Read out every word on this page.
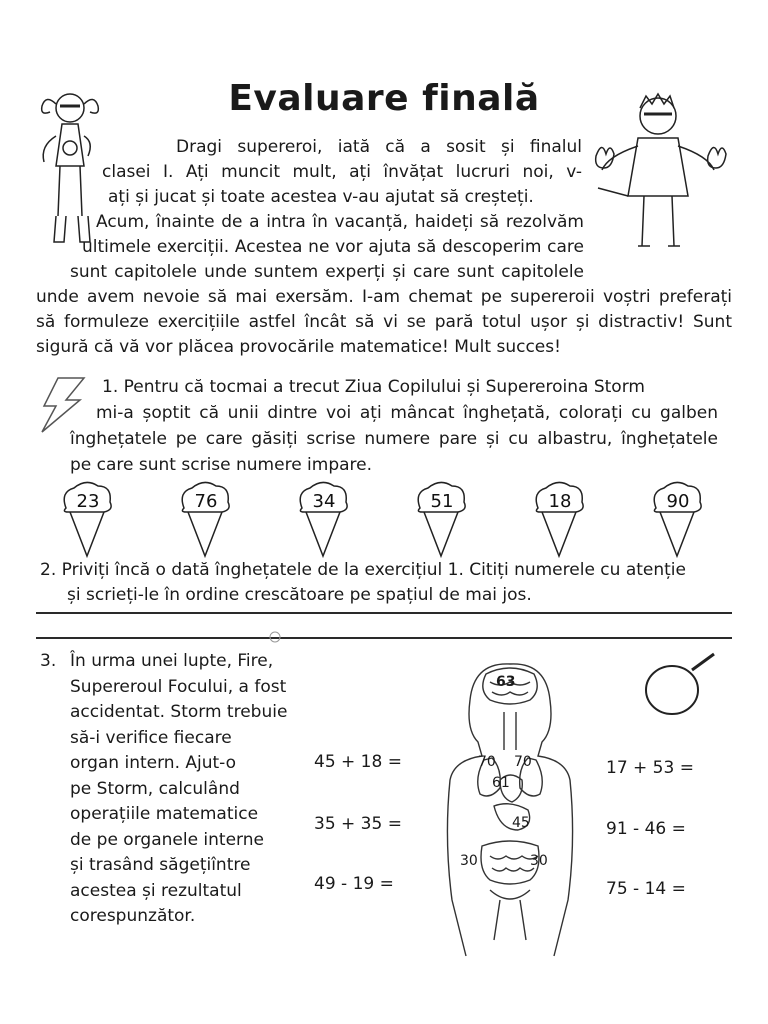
Evaluare finală
Dragi supereroi, iată că a sosit și finalul
clasei I. Ați muncit mult, ați învățat lucruri noi, v-
ați și jucat și toate acestea v-au ajutat să creșteți.
Acum, înainte de a intra în vacanță, haideți să rezolvăm
ultimele exerciții. Acestea ne vor ajuta să descoperim care
sunt capitolele unde suntem experți și care sunt capitolele
unde avem nevoie să mai exersăm. I-am chemat pe supereroii voștri preferați
să formuleze exercițiile astfel încât să vi se pară totul ușor și distractiv! Sunt
sigură că vă vor plăcea provocările matematice! Mult succes!
1. Pentru că tocmai a trecut Ziua Copilului și Supereroina Storm
mi-a șoptit că unii dintre voi ați mâncat înghețată, colorați cu galben
înghețatele pe care găsiți scrise numere pare și cu albastru, înghețatele
pe care sunt scrise numere impare.
23	76	34	51	18	90
2. Priviți încă o dată înghețatele de la exercițiul 1. Citiți numerele cu atenție
și scrieți-le în ordine crescătoare pe spațiul de mai jos.
3. În urma unei lupte, Fire,
Supereroul Focului, a fost
accidentat. Storm trebuie
să-i verifice fiecare
organ intern. Ajut-o
pe Storm, calculând
operațiile matematice
de pe organele interne
și trasând săgețiîntre
acestea și rezultatul
corespunzător.
63
70 70
61
45
30	30
45 + 18 =
35 + 35 =
49 - 19 =
17 + 53 =
91 - 46 =
75 - 14 =
